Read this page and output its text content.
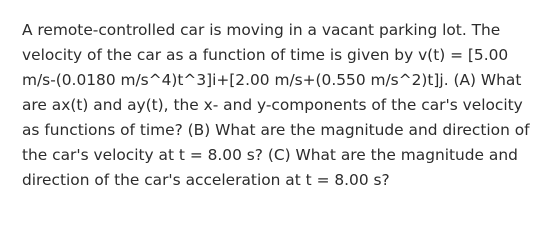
A remote-controlled car is moving in a vacant parking lot. The velocity of the car as a function of time is given by v(t) = [5.00 m/s-(0.0180 m/s^4)t^3]i+[2.00 m/s+(0.550 m/s^2)t]j. (A) What are ax(t) and ay(t), the x- and y-components of the car's velocity as functions of time? (B) What are the magnitude and direction of the car's velocity at t = 8.00 s? (C) What are the magnitude and direction of the car's acceleration at t = 8.00 s?
